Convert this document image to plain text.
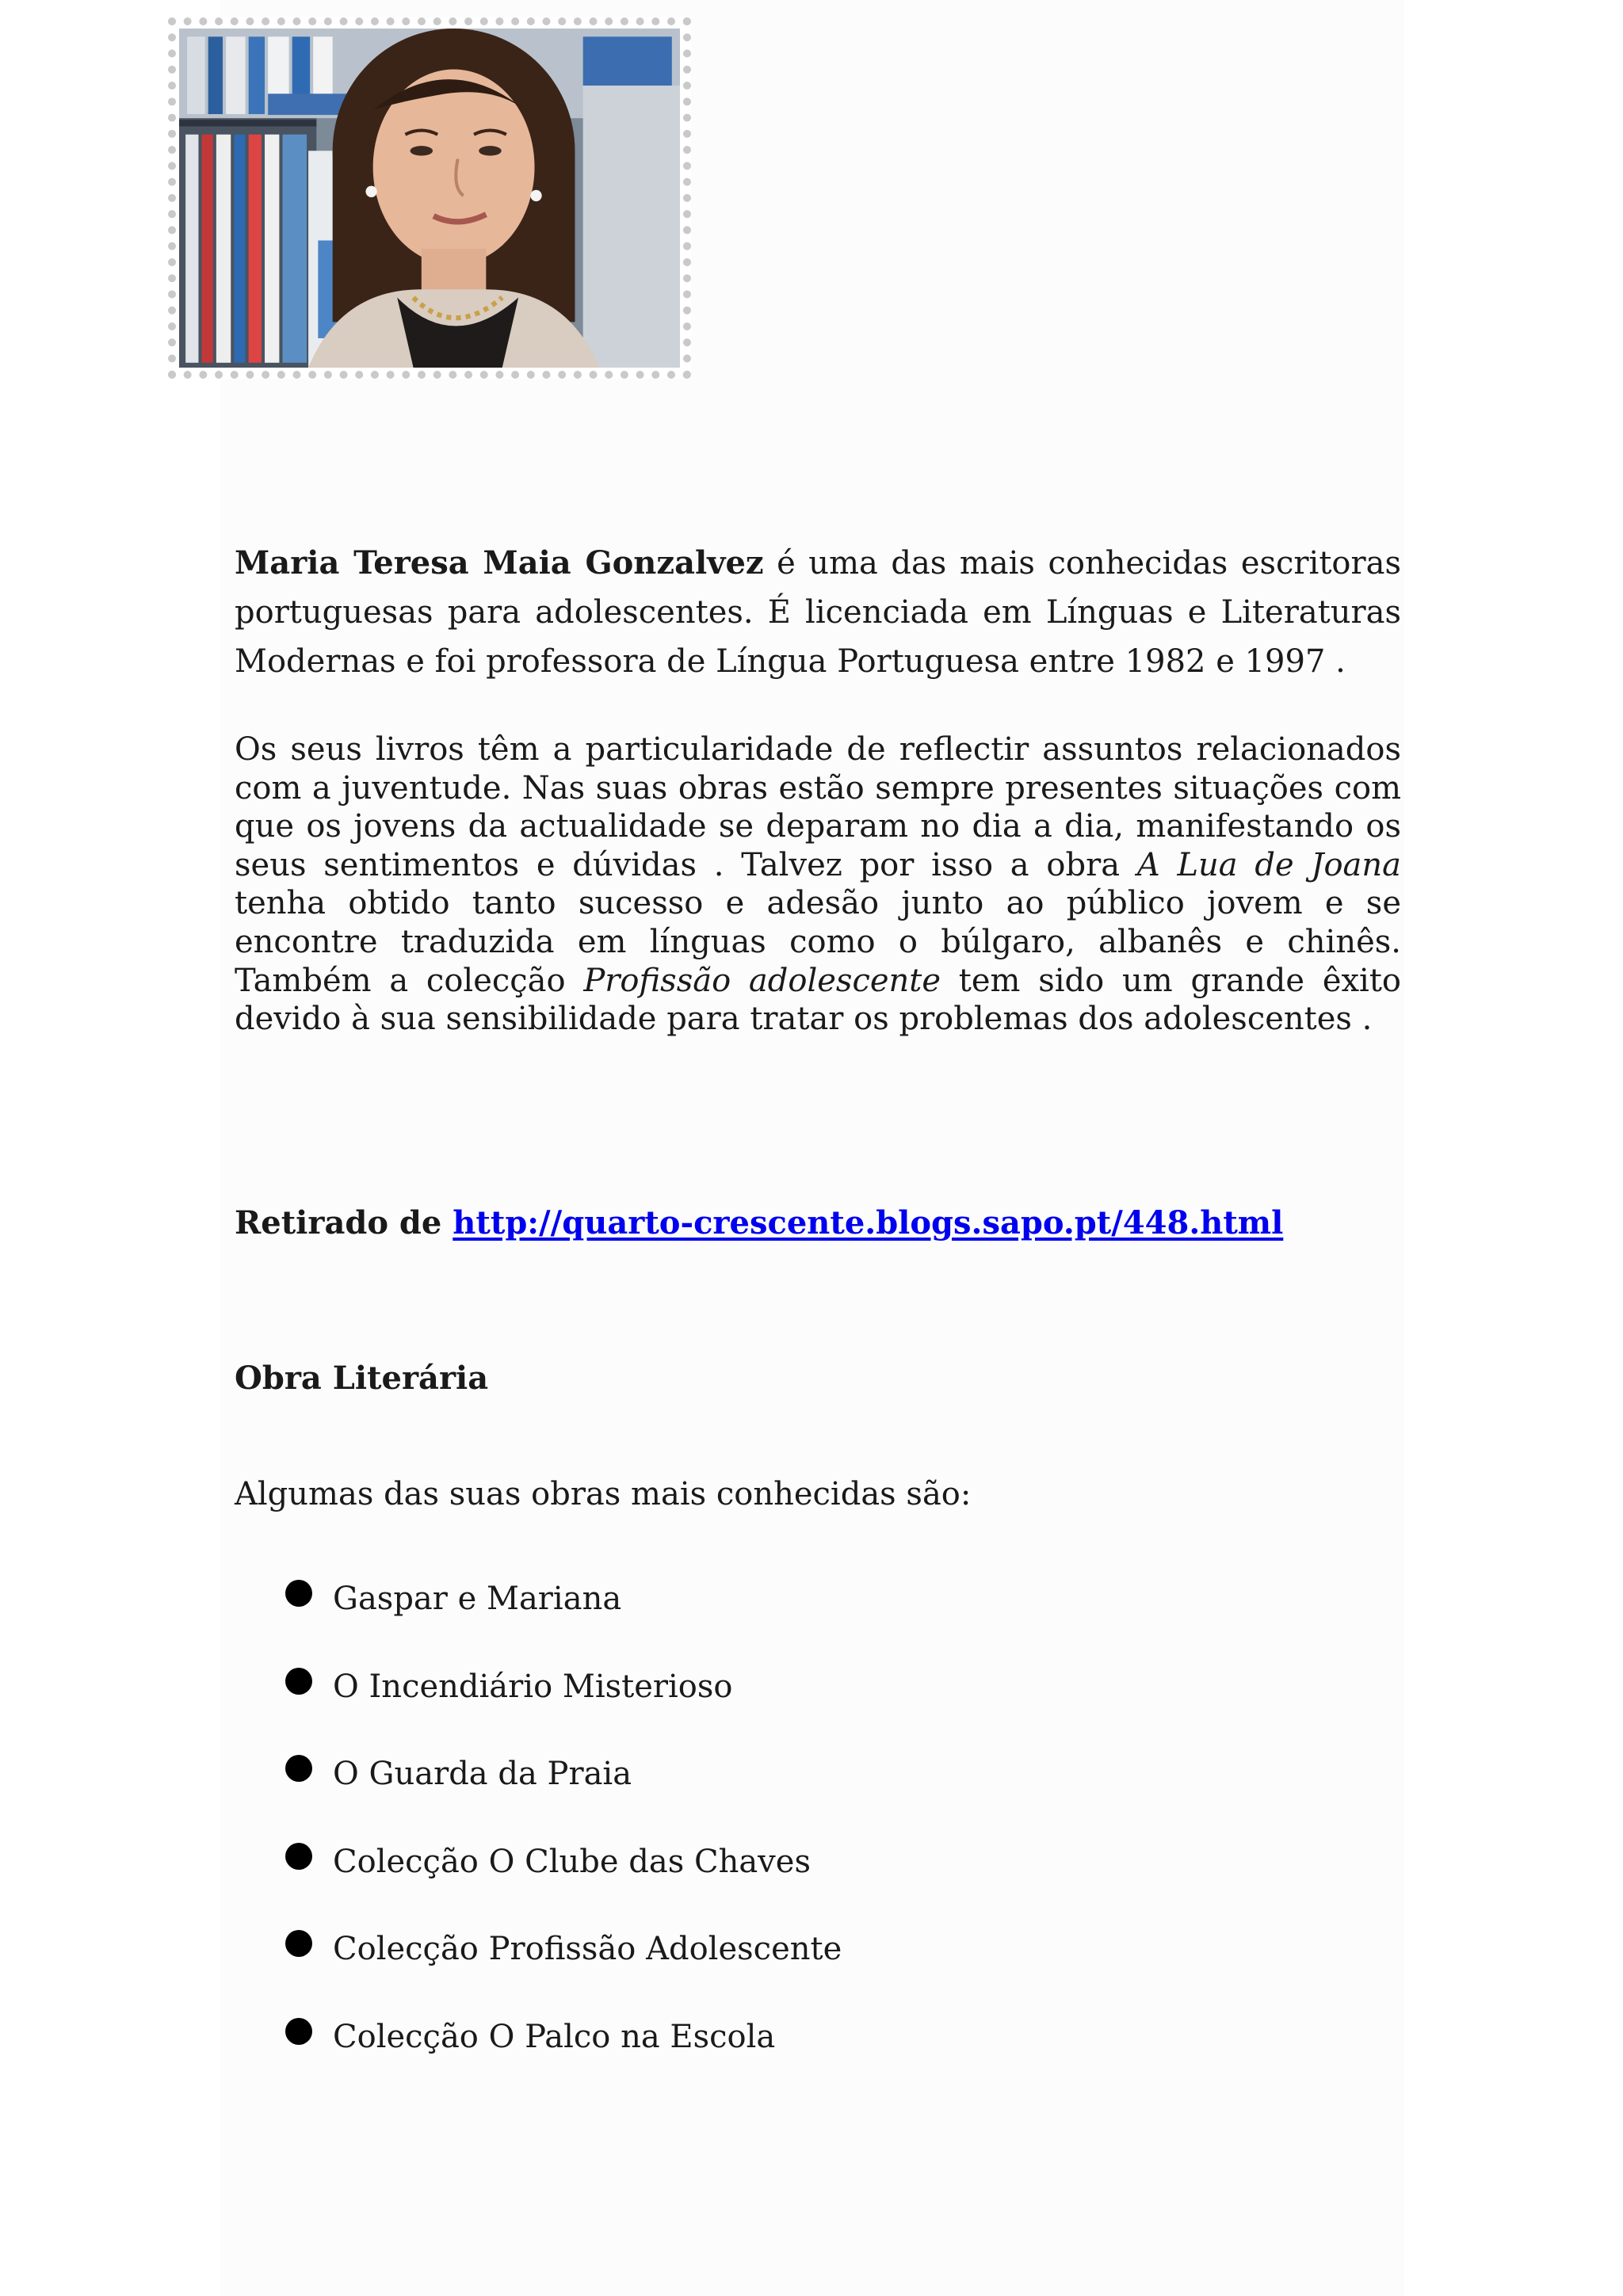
Maria Teresa Maia Gonzalvez é uma das mais conhecidas escritoras portuguesas para adolescentes. É licenciada em Línguas e Literaturas Modernas e foi professora de Língua Portuguesa entre 1982 e 1997 .

Os seus livros têm a particularidade de reflectir assuntos relacionados com a juventude. Nas suas obras estão sempre presentes situações com que os jovens da actualidade se deparam no dia a dia, manifestando os seus sentimentos e dúvidas . Talvez por isso a obra A Lua de Joana tenha obtido tanto sucesso e adesão junto ao público jovem e se encontre traduzida em línguas como o búlgaro, albanês e chinês. Também a colecção Profissão adolescente tem sido um grande êxito devido à sua sensibilidade para tratar os problemas dos adolescentes .

Retirado de http://quarto-crescente.blogs.sapo.pt/448.html

Obra Literária

Algumas das suas obras mais conhecidas são:

Gaspar e Mariana
O Incendiário Misterioso
O Guarda da Praia
Colecção O Clube das Chaves
Colecção Profissão Adolescente
Colecção O Palco na Escola
